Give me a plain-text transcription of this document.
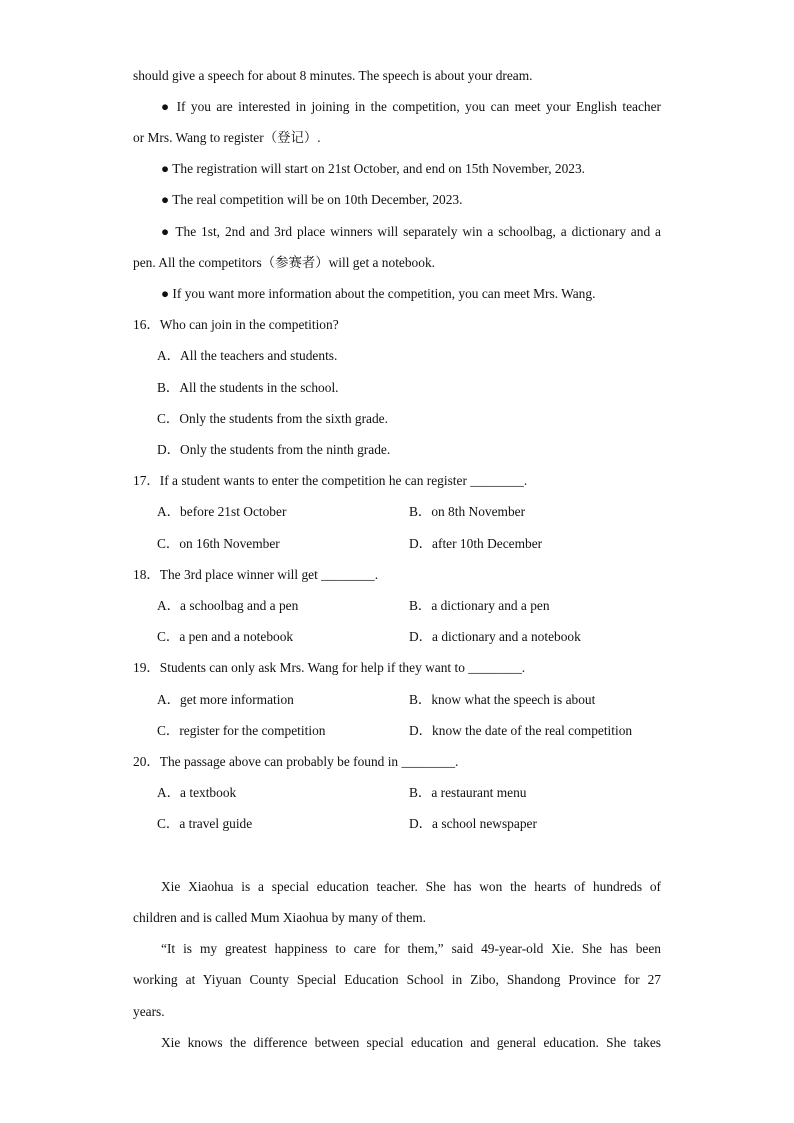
should give a speech for about 8 minutes. The speech is about your dream.
● If you are interested in joining in the competition, you can meet your English teacher
or Mrs. Wang to register（登记）.
● The registration will start on 21st October, and end on 15th November, 2023.
● The real competition will be on 10th December, 2023.
● The 1st, 2nd and 3rd place winners will separately win a schoolbag, a dictionary and a
pen. All the competitors（参赛者）will get a notebook.
● If you want more information about the competition, you can meet Mrs. Wang.
16．Who can join in the competition?
A．All the teachers and students.
B．All the students in the school.
C．Only the students from the sixth grade.
D．Only the students from the ninth grade.
17．If a student wants to enter the competition he can register ________.
A．before 21st October	B．on 8th November
C．on 16th November	D．after 10th December
18．The 3rd place winner will get ________.
A．a schoolbag and a pen	B．a dictionary and a pen
C．a pen and a notebook	D．a dictionary and a notebook
19．Students can only ask Mrs. Wang for help if they want to ________.
A．get more information	B．know what the speech is about
C．register for the competition	D．know the date of the real competition
20．The passage above can probably be found in ________.
A．a textbook	B．a restaurant menu
C．a travel guide	D．a school newspaper
Xie Xiaohua is a special education teacher. She has won the hearts of hundreds of
children and is called Mum Xiaohua by many of them.
“It is my greatest happiness to care for them,” said 49-year-old Xie. She has been
working at Yiyuan County Special Education School in Zibo, Shandong Province for 27
years.
Xie knows the difference between special education and general education. She takes
